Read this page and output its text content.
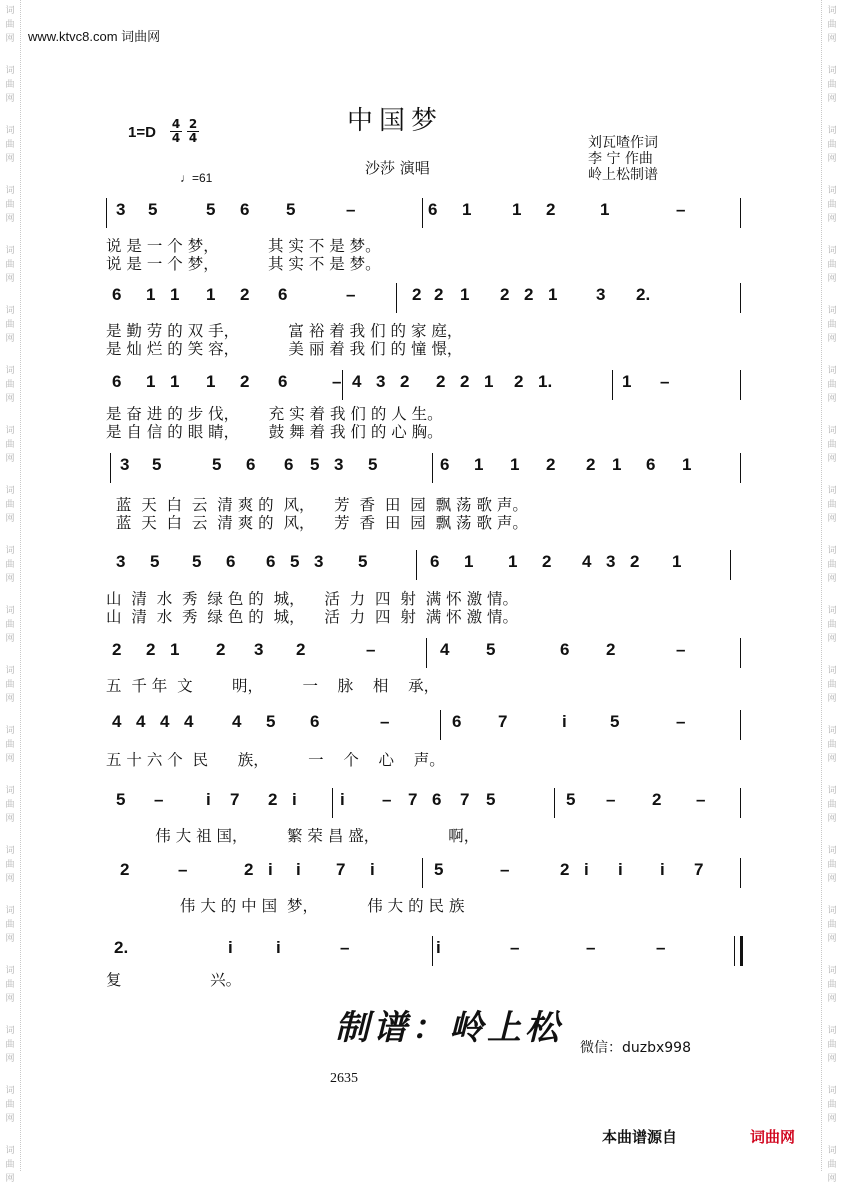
词
曲
网
词
曲
网
词
曲
网
词
曲
网
词
曲
网
词
曲
网
词
曲
网
词
曲
网
词
曲
网
词
曲
网
词
曲
网
词
曲
网
词
曲
网
词
曲
网
词
曲
网
词
曲
网
词
曲
网
词
曲
网
词
曲
网
词
曲
网
词
曲
网
词
曲
网
词
曲
网
词
曲
网
词
曲
网
词
曲
网
词
曲
网
词
曲
网
词
曲
网
词
曲
网
词
曲
网
词
曲
网
词
曲
网
词
曲
网
词
曲
网
词
曲
网
词
曲
网
词
曲
网
词
曲
网
词
曲
网
www.ktvc8.com 词曲网
中国梦
1=D 4
4
2
4
沙莎 演唱
刘瓦喳作词
李 宁 作曲
岭上松制谱
♩=61
3 5	5 6 5	–	6 1 1 2	1	–
说 是 一 个 梦，          其 实 不 是 梦。
说 是 一 个 梦，          其 实 不 是 梦。
6 1 1 1 2 6	–	2 2 1 2 2 1 3 2.
是 勤 劳 的 双 手，          富 裕 着 我 们 的 家 庭，
是 灿 烂 的 笑 容，          美 丽 着 我 们 的 憧 憬，
6 1 1 1 2 6	– 4 3 2 2 2 1 2 1.	1 –
是 奋 进 的 步 伐，      充 实 着 我 们 的 人 生。
是 自 信 的 眼 睛，      鼓 舞 着 我 们 的 心 胸。
3 5	5 6 6 5 3 5	6 1 1 2 2 1 6 1
蓝  天  白  云  清 爽 的  风，    芳  香  田  园  飘 荡 歌 声。
蓝  天  白  云  清 爽 的  风，    芳  香  田  园  飘 荡 歌 声。
3 5 5 6 6 5 3 5	6 1 1 2 4 3 2 1
山  清  水  秀  绿 色 的  城，    活  力  四  射  满 怀 激 情。
山  清  水  秀  绿 色 的  城，    活  力  四  射  满 怀 激 情。
2 2 1 2 3 2	–	4 5	6 2	–
五  千 年  文        明，        一    脉    相    承，
4 4 4 4 4 5 6	–	6 7	i	5	–
五 十 六 个  民      族，        一    个    心    声。
5 –	i 7 2 i	i – 7 6 7 5	5 – 2 –
伟 大 祖 国，        繁 荣 昌 盛，              啊，
2	–	2 i i 7 i	5	–	2 i i i 7
伟 大 的 中 国  梦，          伟 大 的 民 族
2.	i	i	–	i	–	–	–
复                  兴。
制谱：岭上松 微信：duzbx998
2635
本曲谱源自	词曲网
